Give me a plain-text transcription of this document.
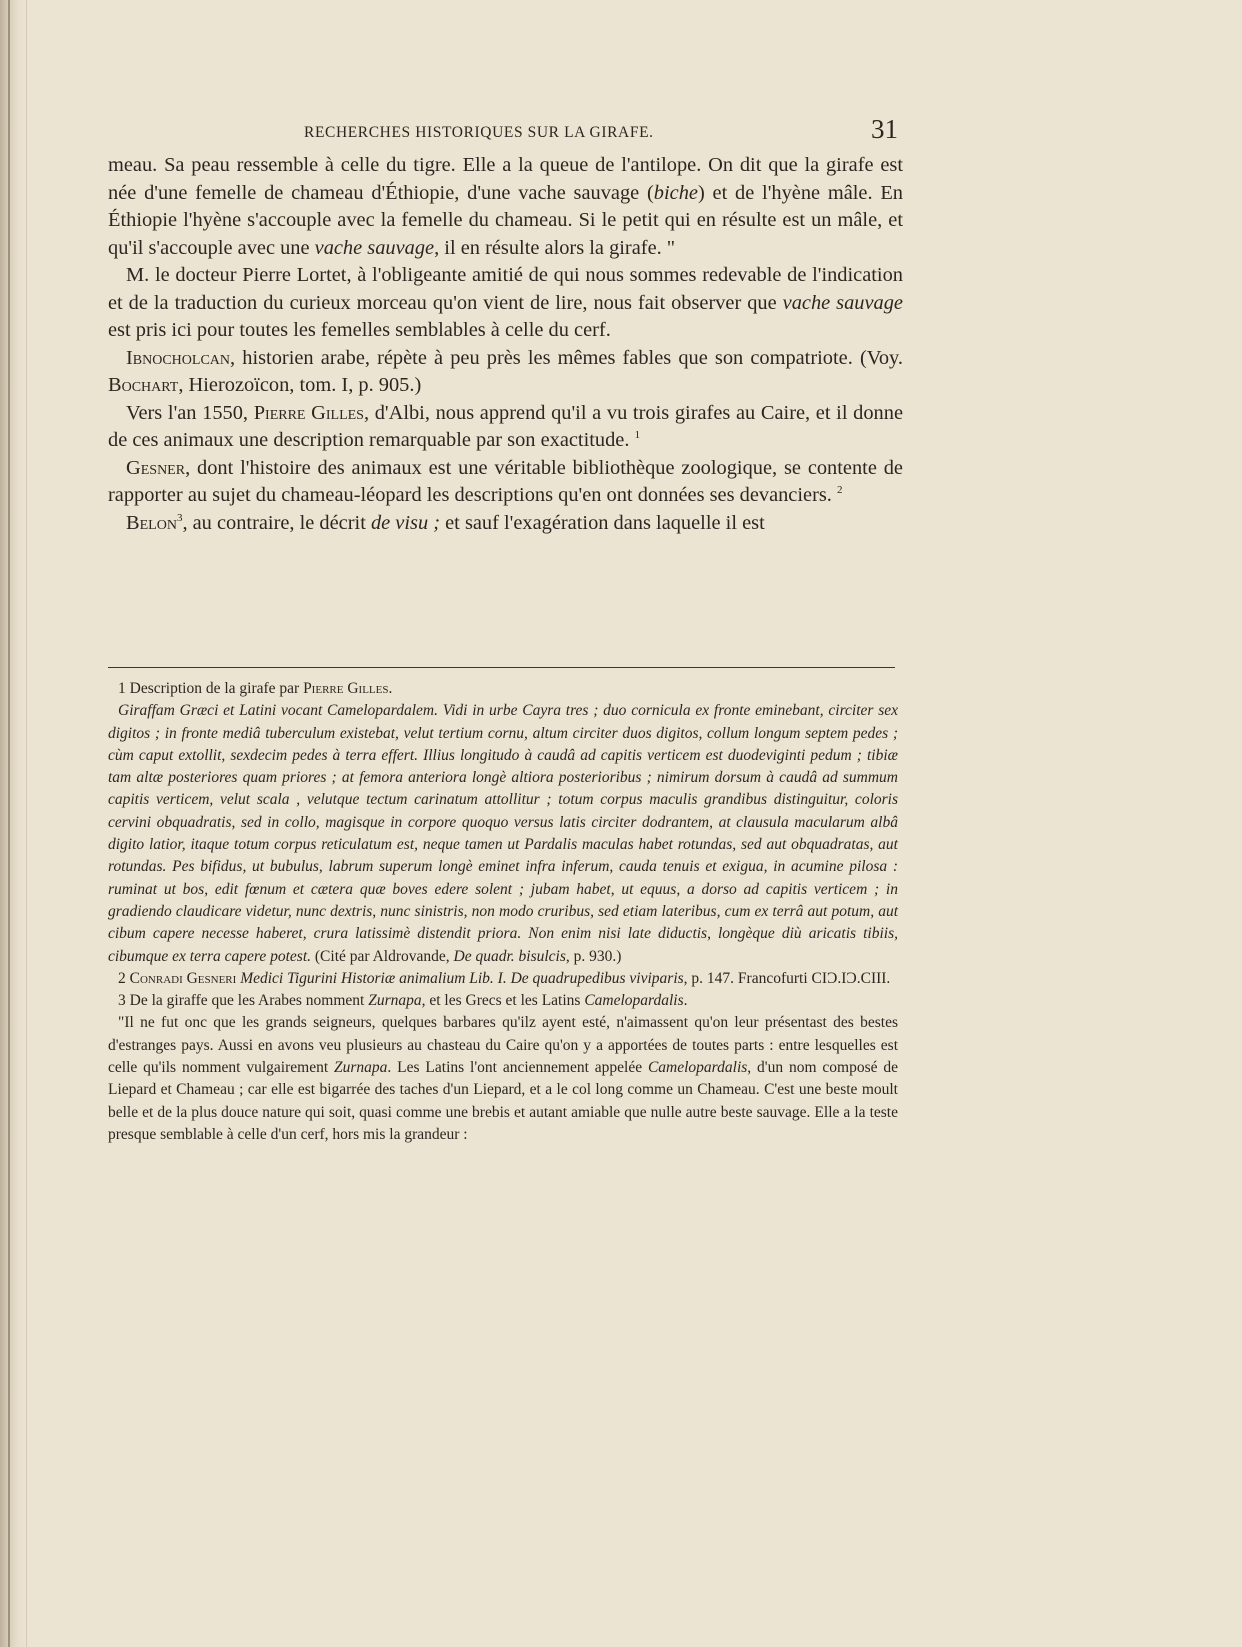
RECHERCHES HISTORIQUES SUR LA GIRAFE.	31

meau. Sa peau ressemble à celle du tigre. Elle a la queue de l'antilope. On dit que la girafe est née d'une femelle de chameau d'Éthiopie, d'une vache sauvage (biche) et de l'hyène mâle. En Éthiopie l'hyène s'accouple avec la femelle du chameau. Si le petit qui en résulte est un mâle, et qu'il s'accouple avec une vache sauvage, il en résulte alors la girafe. "

M. le docteur Pierre Lortet, à l'obligeante amitié de qui nous sommes redevable de l'indication et de la traduction du curieux morceau qu'on vient de lire, nous fait observer que vache sauvage est pris ici pour toutes les femelles semblables à celle du cerf.

Ibnocholcan, historien arabe, répète à peu près les mêmes fables que son compatriote. (Voy. Bochart, Hierozoïcon, tom. I, p. 905.)

Vers l'an 1550, Pierre Gilles, d'Albi, nous apprend qu'il a vu trois girafes au Caire, et il donne de ces animaux une description remarquable par son exactitude. $^1$

Gesner, dont l'histoire des animaux est une véritable bibliothèque zoologique, se contente de rapporter au sujet du chameau-léopard les descriptions qu'en ont données ses devanciers. $^2$

Belon$^3$, au contraire, le décrit de visu ; et sauf l'exagération dans laquelle il est

1 Description de la girafe par Pierre Gilles.

Giraffam Græci et Latini vocant Camelopardalem. Vidi in urbe Cayra tres ; duo cornicula ex fronte eminebant, circiter sex digitos ; in fronte mediâ tuberculum existebat, velut tertium cornu, altum circiter duos digitos, collum longum septem pedes ; cùm caput extollit, sexdecim pedes à terra effert. Illius longitudo à caudâ ad capitis verticem est duodeviginti pedum ; tibiæ tam altæ posteriores quam priores ; at femora anteriora longè altiora posterioribus ; nimirum dorsum à caudâ ad summum capitis verticem, velut scala , velutque tectum carinatum attollitur ; totum corpus maculis grandibus distinguitur, coloris cervini obquadratis, sed in collo, magisque in corpore quoquo versus latis circiter dodrantem, at clausula macularum albâ digito latior, itaque totum corpus reticulatum est, neque tamen ut Pardalis maculas habet rotundas, sed aut obquadratas, aut rotundas. Pes bifidus, ut bubulus, labrum superum longè eminet infra inferum, cauda tenuis et exigua, in acumine pilosa : ruminat ut bos, edit fœnum et cætera quæ boves edere solent ; jubam habet, ut equus, a dorso ad capitis verticem ; in gradiendo claudicare videtur, nunc dextris, nunc sinistris, non modo cruribus, sed etiam lateribus, cum ex terrâ aut potum, aut cibum capere necesse haberet, crura latissimè distendit priora. Non enim nisi late diductis, longèque diù aricatis tibiis, cibumque ex terra capere potest. (Cité par Aldrovande, De quadr. bisulcis, p. 930.)

2 Conradi Gesneri Medici Tigurini Historiæ animalium Lib. I. De quadrupedibus viviparis, p. 147. Francofurti CIƆ.IƆ.CIII.

3 De la giraffe que les Arabes nomment Zurnapa, et les Grecs et les Latins Camelopardalis.

"Il ne fut onc que les grands seigneurs, quelques barbares qu'ilz ayent esté, n'aimassent qu'on leur présentast des bestes d'estranges pays. Aussi en avons veu plusieurs au chasteau du Caire qu'on y a apportées de toutes parts : entre lesquelles est celle qu'ils nomment vulgairement Zurnapa. Les Latins l'ont anciennement appelée Camelopardalis, d'un nom composé de Liepard et Chameau ; car elle est bigarrée des taches d'un Liepard, et a le col long comme un Chameau. C'est une beste moult belle et de la plus douce nature qui soit, quasi comme une brebis et autant amiable que nulle autre beste sauvage. Elle a la teste presque semblable à celle d'un cerf, hors mis la grandeur :
